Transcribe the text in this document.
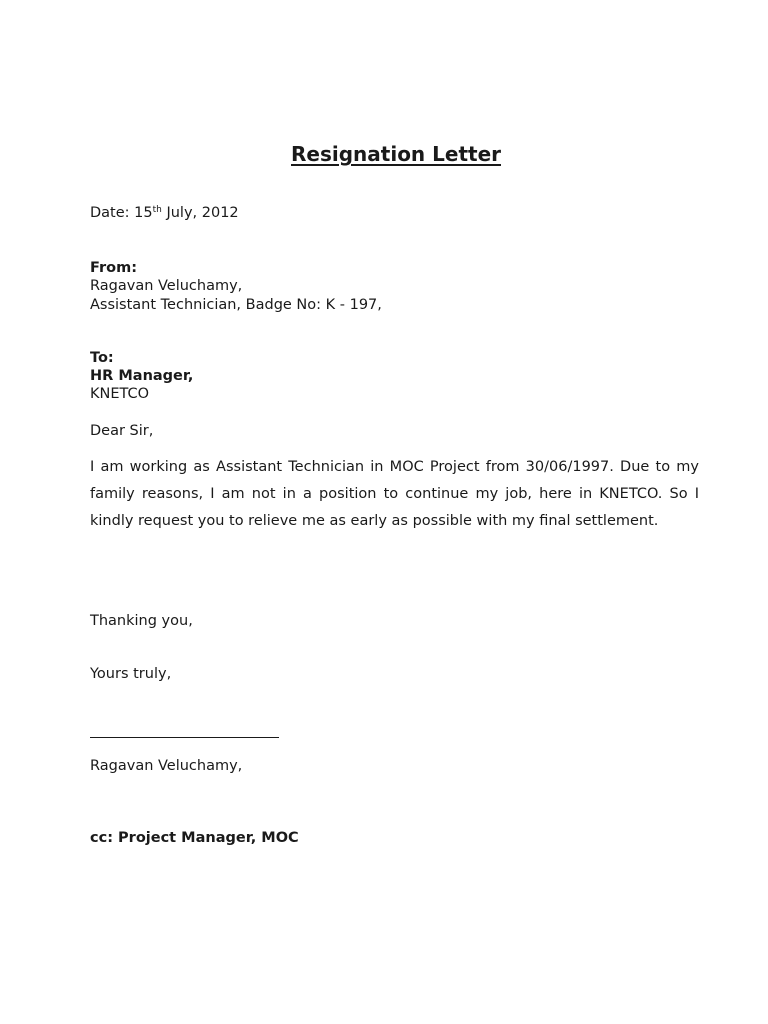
Resignation Letter

Date: 15th July, 2012

From:

Ragavan Veluchamy,

Assistant Technician, Badge No: K - 197,

To:

HR Manager,

KNETCO

Dear Sir,

I am working as Assistant Technician in MOC Project from 30/06/1997. Due to my family reasons, I am not in a position to continue my job, here in KNETCO. So I kindly request you to relieve me as early as possible with my final settlement.

Thanking you,

Yours truly,

Ragavan Veluchamy,

cc: Project Manager, MOC
